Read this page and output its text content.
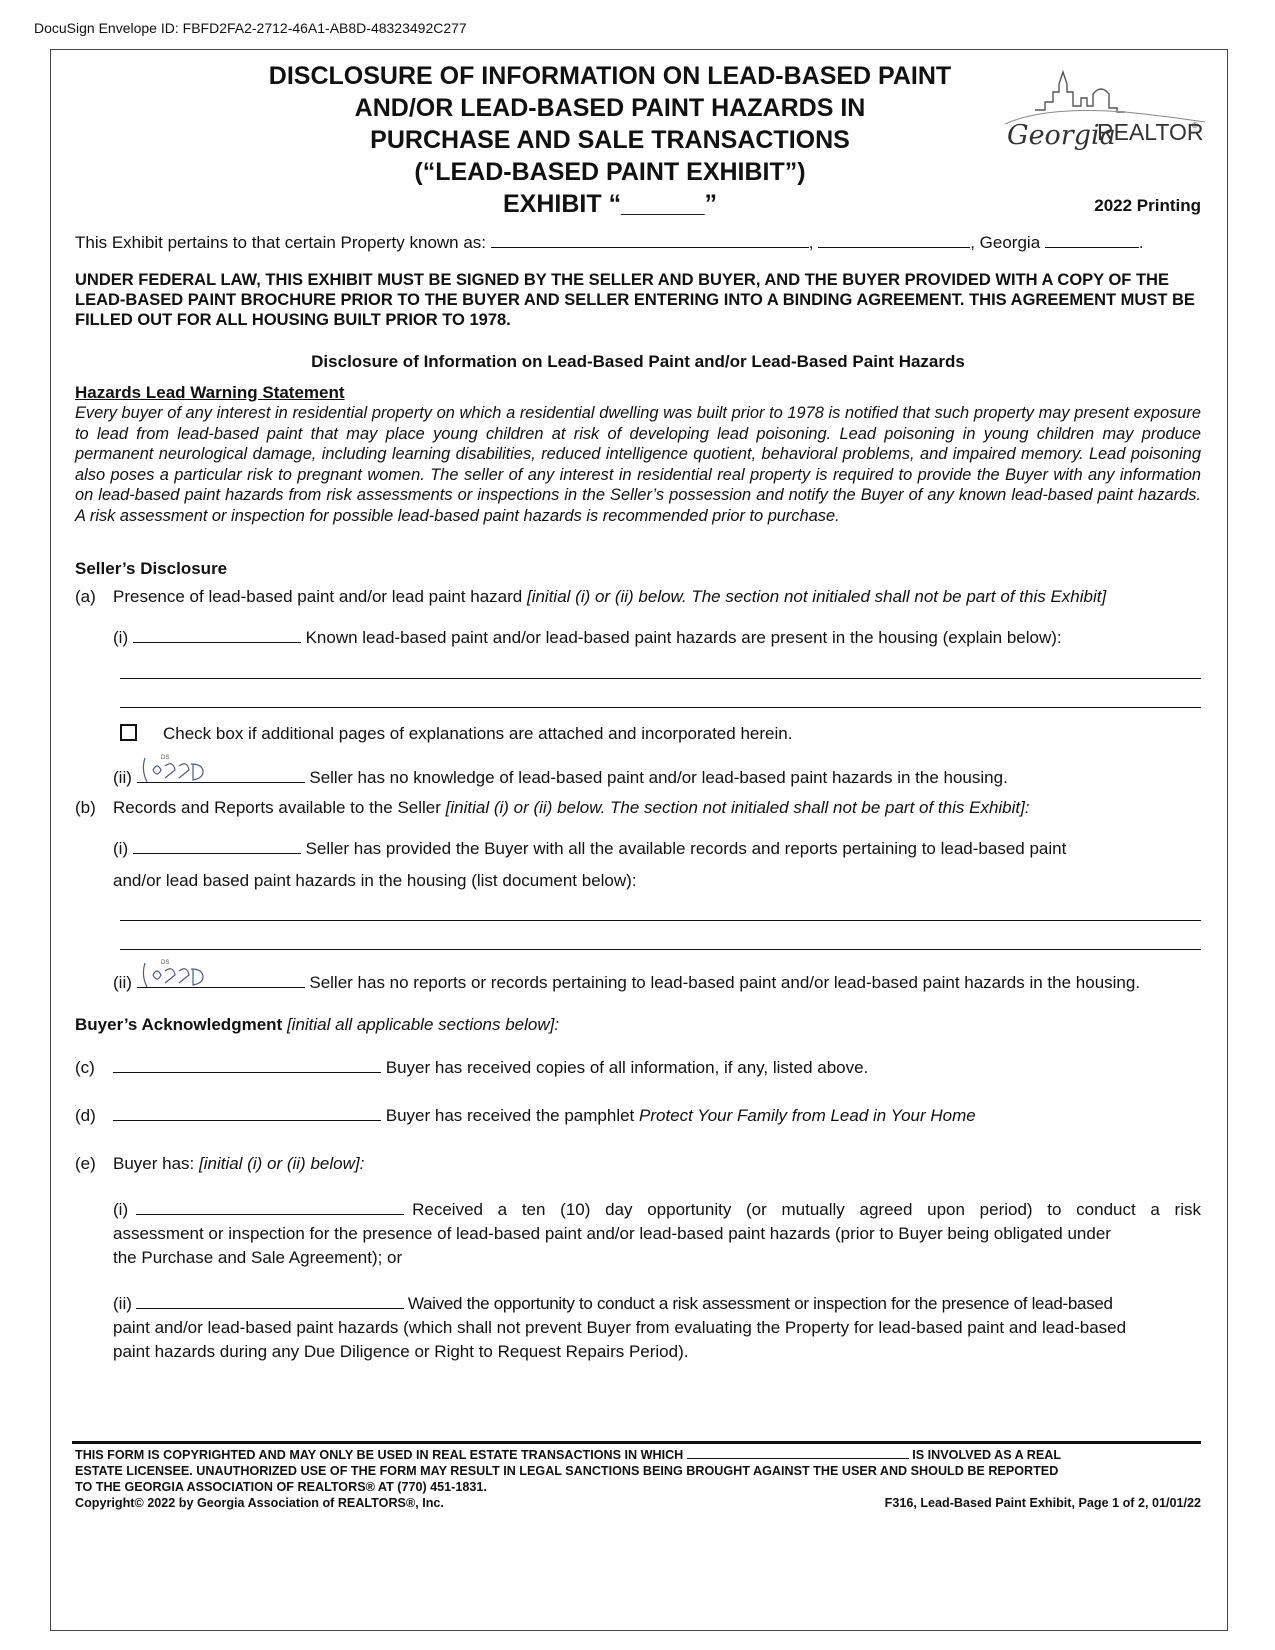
DocuSign Envelope ID: FBFD2FA2-2712-46A1-AB8D-48323492C277
DISCLOSURE OF INFORMATION ON LEAD-BASED PAINT
AND/OR LEAD-BASED PAINT HAZARDS IN
PURCHASE AND SALE TRANSACTIONS
(“LEAD-BASED PAINT EXHIBIT”)
EXHIBIT “______”
Georgia
REALTOR
®
2022 Printing
This Exhibit pertains to that certain Property known as:	,	, Georgia	.
UNDER FEDERAL LAW, THIS EXHIBIT MUST BE SIGNED BY THE SELLER AND BUYER, AND THE BUYER PROVIDED WITH A COPY OF THE LEAD-BASED PAINT BROCHURE PRIOR TO THE BUYER AND SELLER ENTERING INTO A BINDING AGREEMENT. THIS AGREEMENT MUST BE FILLED OUT FOR ALL HOUSING BUILT PRIOR TO 1978.
Disclosure of Information on Lead-Based Paint and/or Lead-Based Paint Hazards
Hazards Lead Warning Statement
Every buyer of any interest in residential property on which a residential dwelling was built prior to 1978 is notified that such property may present exposure to lead from lead-based paint that may place young children at risk of developing lead poisoning. Lead poisoning in young children may produce permanent neurological damage, including learning disabilities, reduced intelligence quotient, behavioral problems, and impaired memory. Lead poisoning also poses a particular risk to pregnant women. The seller of any interest in residential real property is required to provide the Buyer with any information on lead-based paint hazards from risk assessments or inspections in the Seller’s possession and notify the Buyer of any known lead-based paint hazards. A risk assessment or inspection for possible lead-based paint hazards is recommended prior to purchase.
Seller’s Disclosure
(a) Presence of lead-based paint and/or lead paint hazard [initial (i) or (ii) below. The section not initialed shall not be part of this Exhibit]
(i)	Known lead-based paint and/or lead-based paint hazards are present in the housing (explain below):
Check box if additional pages of explanations are attached and incorporated herein.
(ii)
DS
Seller has no knowledge of lead-based paint and/or lead-based paint hazards in the housing.
(b) Records and Reports available to the Seller [initial (i) or (ii) below. The section not initialed shall not be part of this Exhibit]:
(i)	Seller has provided the Buyer with all the available records and reports pertaining to lead-based paint
and/or lead based paint hazards in the housing (list document below):
(ii)
DS
Seller has no reports or records pertaining to lead-based paint and/or lead-based paint hazards in the housing.
Buyer’s Acknowledgment [initial all applicable sections below]:
(c)	Buyer has received copies of all information, if any, listed above.
(d)	Buyer has received the pamphlet Protect Your Family from Lead in Your Home
(e) Buyer has: [initial (i) or (ii) below]:
(i)	Received a ten (10) day opportunity (or mutually agreed upon period) to conduct a risk
assessment or inspection for the presence of lead-based paint and/or lead-based paint hazards (prior to Buyer being obligated under
the Purchase and Sale Agreement); or
(ii)	Waived the opportunity to conduct a risk assessment or inspection for the presence of lead-based
paint and/or lead-based paint hazards (which shall not prevent Buyer from evaluating the Property for lead-based paint and lead-based
paint hazards during any Due Diligence or Right to Request Repairs Period).
THIS FORM IS COPYRIGHTED AND MAY ONLY BE USED IN REAL ESTATE TRANSACTIONS IN WHICH	IS INVOLVED AS A REAL
ESTATE LICENSEE. UNAUTHORIZED USE OF THE FORM MAY RESULT IN LEGAL SANCTIONS BEING BROUGHT AGAINST THE USER AND SHOULD BE REPORTED
TO THE GEORGIA ASSOCIATION OF REALTORS® AT (770) 451-1831.
Copyright© 2022 by Georgia Association of REALTORS®, Inc.	F316, Lead-Based Paint Exhibit, Page 1 of 2, 01/01/22
